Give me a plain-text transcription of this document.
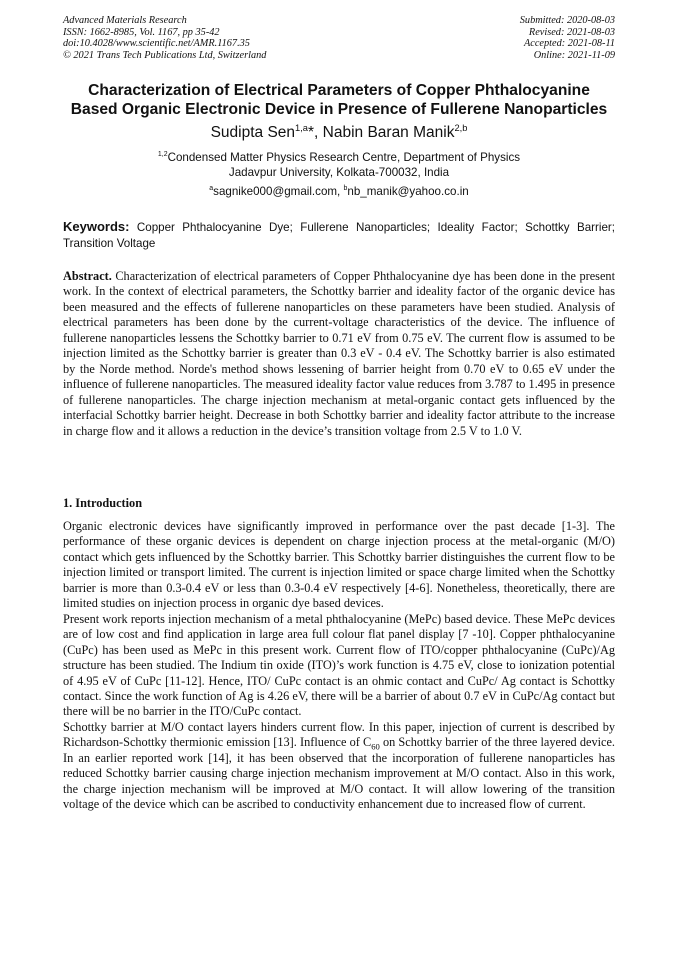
Advanced Materials Research
ISSN: 1662-8985, Vol. 1167, pp 35-42
doi:10.4028/www.scientific.net/AMR.1167.35
© 2021 Trans Tech Publications Ltd, Switzerland
Submitted: 2020-08-03
Revised: 2021-08-03
Accepted: 2021-08-11
Online: 2021-11-09
Characterization of Electrical Parameters of Copper Phthalocyanine
Based Organic Electronic Device in Presence of Fullerene Nanoparticles
Sudipta Sen$^{1,a}$*, Nabin Baran Manik$^{2,b}$
$^{1,2}$Condensed Matter Physics Research Centre, Department of Physics
Jadavpur University, Kolkata-700032, India
$^a$sagnike000@gmail.com, $^b$nb_manik@yahoo.co.in
Keywords: Copper Phthalocyanine Dye; Fullerene Nanoparticles; Ideality Factor; Schottky Barrier; Transition Voltage
Abstract. Characterization of electrical parameters of Copper Phthalocyanine dye has been done in the present work. In the context of electrical parameters, the Schottky barrier and ideality factor of the organic device has been measured and the effects of fullerene nanoparticles on these parameters have been studied. Analysis of electrical parameters has been done by the current-voltage characteristics of the device. The influence of fullerene nanoparticles lessens the Schottky barrier to 0.71 eV from 0.75 eV. The current flow is assumed to be injection limited as the Schottky barrier is greater than 0.3 eV - 0.4 eV. The Schottky barrier is also estimated by the Norde method. Norde's method shows lessening of barrier height from 0.70 eV to 0.65 eV under the influence of fullerene nanoparticles. The measured ideality factor value reduces from 3.787 to 1.495 in presence of fullerene nanoparticles. The charge injection mechanism at metal-organic contact gets influenced by the interfacial Schottky barrier height. Decrease in both Schottky barrier and ideality factor attribute to the increase in charge flow and it allows a reduction in the device’s transition voltage from 2.5 V to 1.0 V.
1. Introduction

Organic electronic devices have significantly improved in performance over the past decade [1-3]. The performance of these organic devices is dependent on charge injection process at the metal-organic (M/O) contact which gets influenced by the Schottky barrier. This Schottky barrier distinguishes the current flow to be injection limited or transport limited. The current is injection limited or space charge limited when the Schottky barrier is more than 0.3-0.4 eV or less than 0.3-0.4 eV respectively [4-6]. Nonetheless, theoretically, there are limited studies on injection process in organic dye based devices.

Present work reports injection mechanism of a metal phthalocyanine (MePc) based device. These MePc devices are of low cost and find application in large area full colour flat panel display [7 -10]. Copper phthalocyanine (CuPc) has been used as MePc in this present work. Current flow of ITO/copper phthalocyanine (CuPc)/Ag structure has been studied. The Indium tin oxide (ITO)’s work function is 4.75 eV, close to ionization potential of 4.95 eV of CuPc [11-12]. Hence, ITO/ CuPc contact is an ohmic contact and CuPc/ Ag contact is Schottky contact. Since the work function of Ag is 4.26 eV, there will be a barrier of about 0.7 eV in CuPc/Ag contact but there will be no barrier in the ITO/CuPc contact.

Schottky barrier at M/O contact layers hinders current flow. In this paper, injection of current is described by Richardson-Schottky thermionic emission [13]. Influence of $C_{60}$ on Schottky barrier of the three layered device. In an earlier reported work [14], it has been observed that the incorporation of fullerene nanoparticles has reduced Schottky barrier causing charge injection mechanism improvement at M/O contact. Also in this work, the charge injection mechanism will be improved at M/O contact. It will allow lowering of the transition voltage of the device which can be ascribed to conductivity enhancement due to increased flow of current.
